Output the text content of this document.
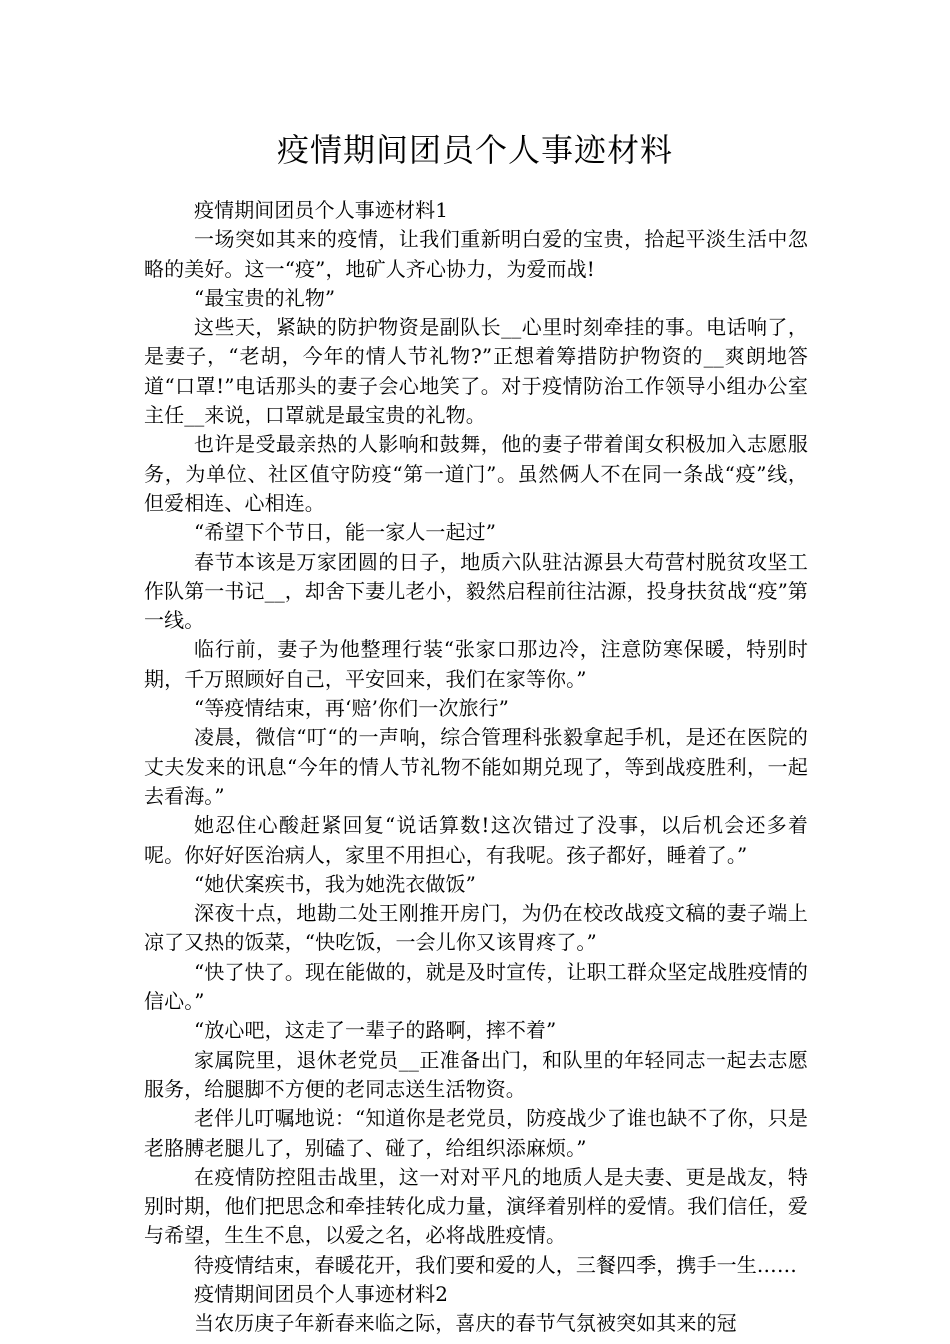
疫情期间团员个人事迹材料

疫情期间团员个人事迹材料1

一场突如其来的疫情，让我们重新明白爱的宝贵，拾起平淡生活中忽略的美好。这一“疫”，地矿人齐心协力，为爱而战!

“最宝贵的礼物”

这些天，紧缺的防护物资是副队长__心里时刻牵挂的事。电话响了，是妻子，“老胡，今年的情人节礼物?”正想着筹措防护物资的__爽朗地答道“口罩!”电话那头的妻子会心地笑了。对于疫情防治工作领导小组办公室主任__来说，口罩就是最宝贵的礼物。

也许是受最亲热的人影响和鼓舞，他的妻子带着闺女积极加入志愿服务，为单位、社区值守防疫“第一道门”。虽然俩人不在同一条战“疫”线，但爱相连、心相连。

“希望下个节日，能一家人一起过”

春节本该是万家团圆的日子，地质六队驻沽源县大苟营村脱贫攻坚工作队第一书记__，却舍下妻儿老小，毅然启程前往沽源，投身扶贫战“疫”第一线。

临行前，妻子为他整理行装“张家口那边冷，注意防寒保暖，特别时期，千万照顾好自己，平安回来，我们在家等你。”

“等疫情结束，再‘赔’你们一次旅行”

凌晨，微信“叮“的一声响，综合管理科张毅拿起手机，是还在医院的丈夫发来的讯息“今年的情人节礼物不能如期兑现了，等到战疫胜利，一起去看海。”

她忍住心酸赶紧回复“说话算数!这次错过了没事，以后机会还多着呢。你好好医治病人，家里不用担心，有我呢。孩子都好，睡着了。”

“她伏案疾书，我为她洗衣做饭”

深夜十点，地勘二处王刚推开房门，为仍在校改战疫文稿的妻子端上凉了又热的饭菜，“快吃饭，一会儿你又该胃疼了。”

“快了快了。现在能做的，就是及时宣传，让职工群众坚定战胜疫情的信心。”

“放心吧，这走了一辈子的路啊，摔不着”

家属院里，退休老党员__正准备出门，和队里的年轻同志一起去志愿服务，给腿脚不方便的老同志送生活物资。

老伴儿叮嘱地说：“知道你是老党员，防疫战少了谁也缺不了你，只是老胳膊老腿儿了，别磕了、碰了，给组织添麻烦。”

在疫情防控阻击战里，这一对对平凡的地质人是夫妻、更是战友，特别时期，他们把思念和牵挂转化成力量，演绎着别样的爱情。我们信任，爱与希望，生生不息，以爱之名，必将战胜疫情。

待疫情结束，春暖花开，我们要和爱的人，三餐四季，携手一生……

疫情期间团员个人事迹材料2

当农历庚子年新春来临之际，喜庆的春节气氛被突如其来的冠
